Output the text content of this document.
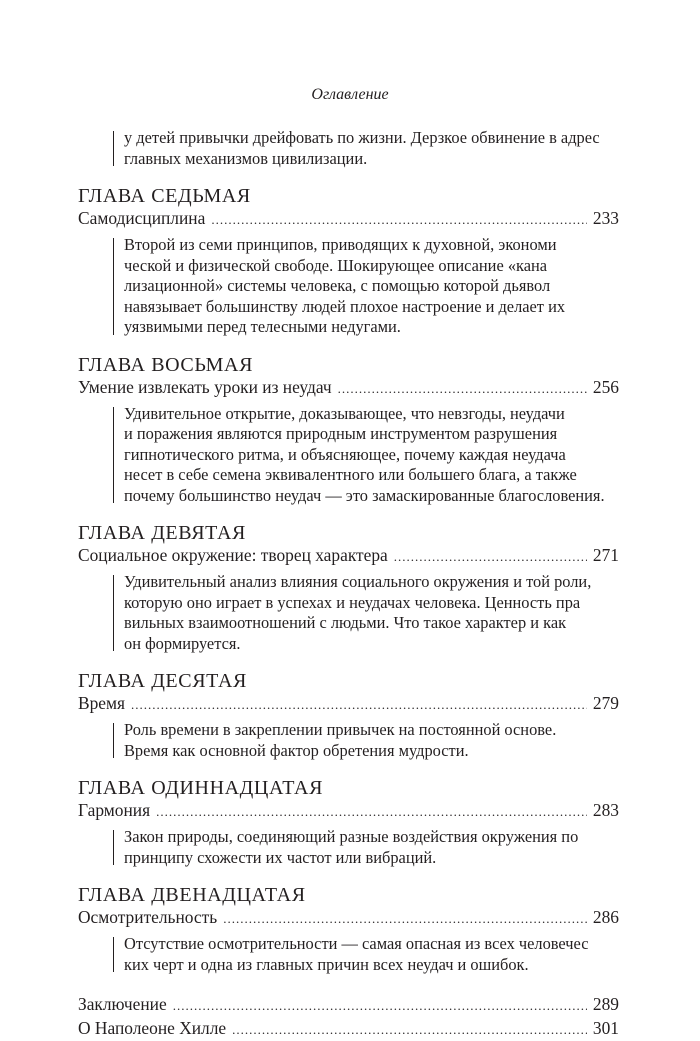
Оглавление
у детей привычки дрейфовать по жизни. Дерзкое обвинение в адрес
главных механизмов цивилизации.
ГЛАВА СЕДЬМАЯ
Самодисциплина .....	233
Второй из семи принципов, приводящих к духовной, экономи
ческой и физической свободе. Шокирующее описание «кана
лизационной» системы человека, с помощью которой дьявол
навязывает большинству людей плохое настроение и делает их
уязвимыми перед телесными недугами.
ГЛАВА ВОСЬМАЯ
Умение извлекать уроки из неудач .....	256
Удивительное открытие, доказывающее, что невзгоды, неудачи
и поражения являются природным инструментом разрушения
гипнотического ритма, и объясняющее, почему каждая неудача
несет в себе семена эквивалентного или большего блага, а также
почему большинство неудач — это замаскированные благословения.
ГЛАВА ДЕВЯТАЯ
Социальное окружение: творец характера .....	271
Удивительный анализ влияния социального окружения и той роли,
которую оно играет в успехах и неудачах человека. Ценность пра
вильных взаимоотношений с людьми. Что такое характер и как
он формируется.
ГЛАВА ДЕСЯТАЯ
Время .....	279
Роль времени в закреплении привычек на постоянной основе.
Время как основной фактор обретения мудрости.
ГЛАВА ОДИННАДЦАТАЯ
Гармония .....	283
Закон природы, соединяющий разные воздействия окружения по
принципу схожести их частот или вибраций.
ГЛАВА ДВЕНАДЦАТАЯ
Осмотрительность .....	286
Отсутствие осмотрительности — самая опасная из всех человечес
ких черт и одна из главных причин всех неудач и ошибок.
Заключение .....	289
О Наполеоне Хилле .....	301
